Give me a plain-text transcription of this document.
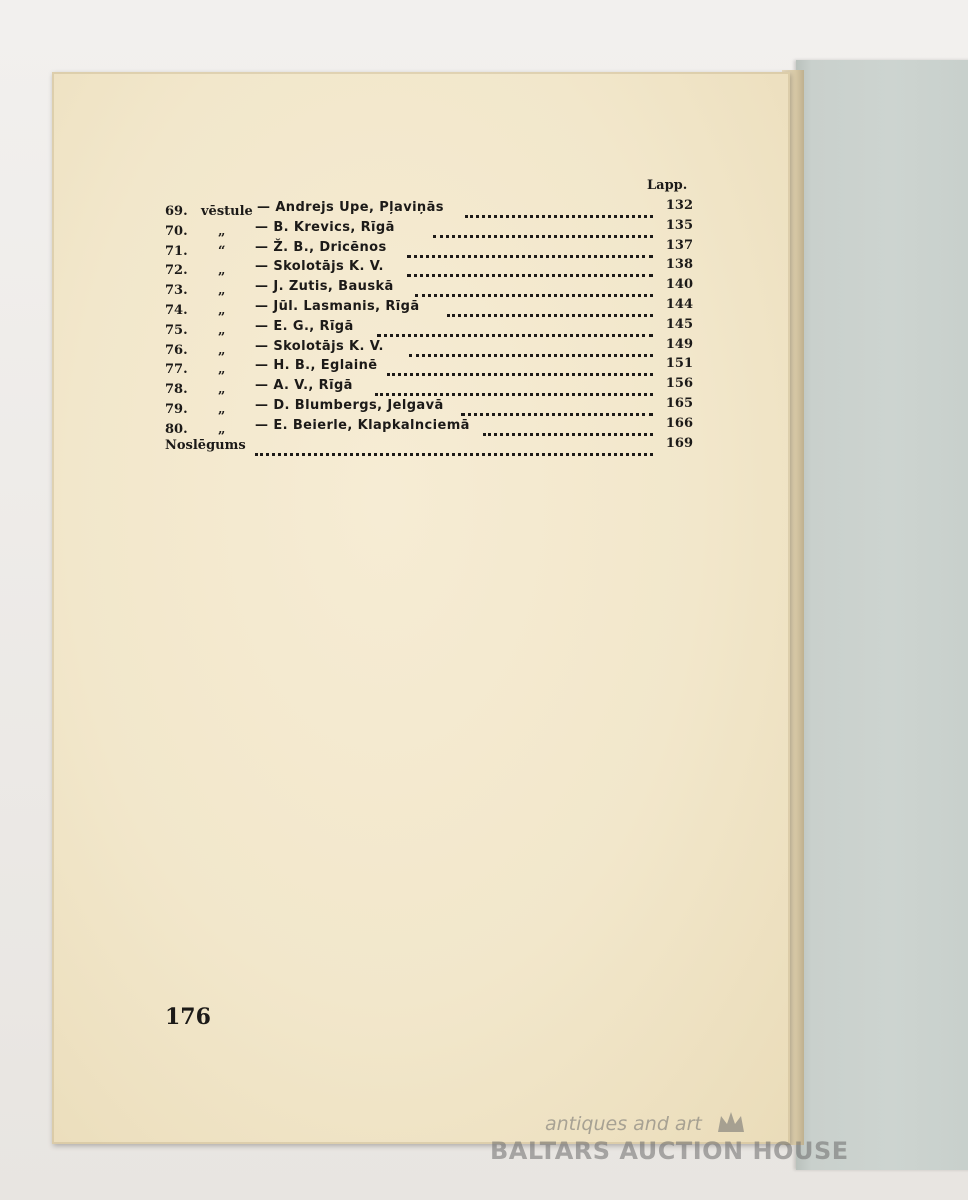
Lapp.
69.	vēstule — Andrejs Upe, Pļaviņās	132
70.	„ — B. Krevics, Rīgā	135
71.	“ — Ž. B., Dricēnos	137
72.	„ — Skolotājs K. V.	138
73.	„ — J. Zutis, Bauskā	140
74.	„ — Jūl. Lasmanis, Rīgā	144
75.	„ — E. G., Rīgā	145
76.	„ — Skolotājs K. V.	149
77.	„ — H. B., Eglainē	151
78.	„ — A. V., Rīgā	156
79.	„ — D. Blumbergs, Jelgavā	165
80.	„ — E. Beierle, Klapkalnciemā	166
Noslēgums	169
176
antiques and art
BALTARS AUCTION HOUSE
